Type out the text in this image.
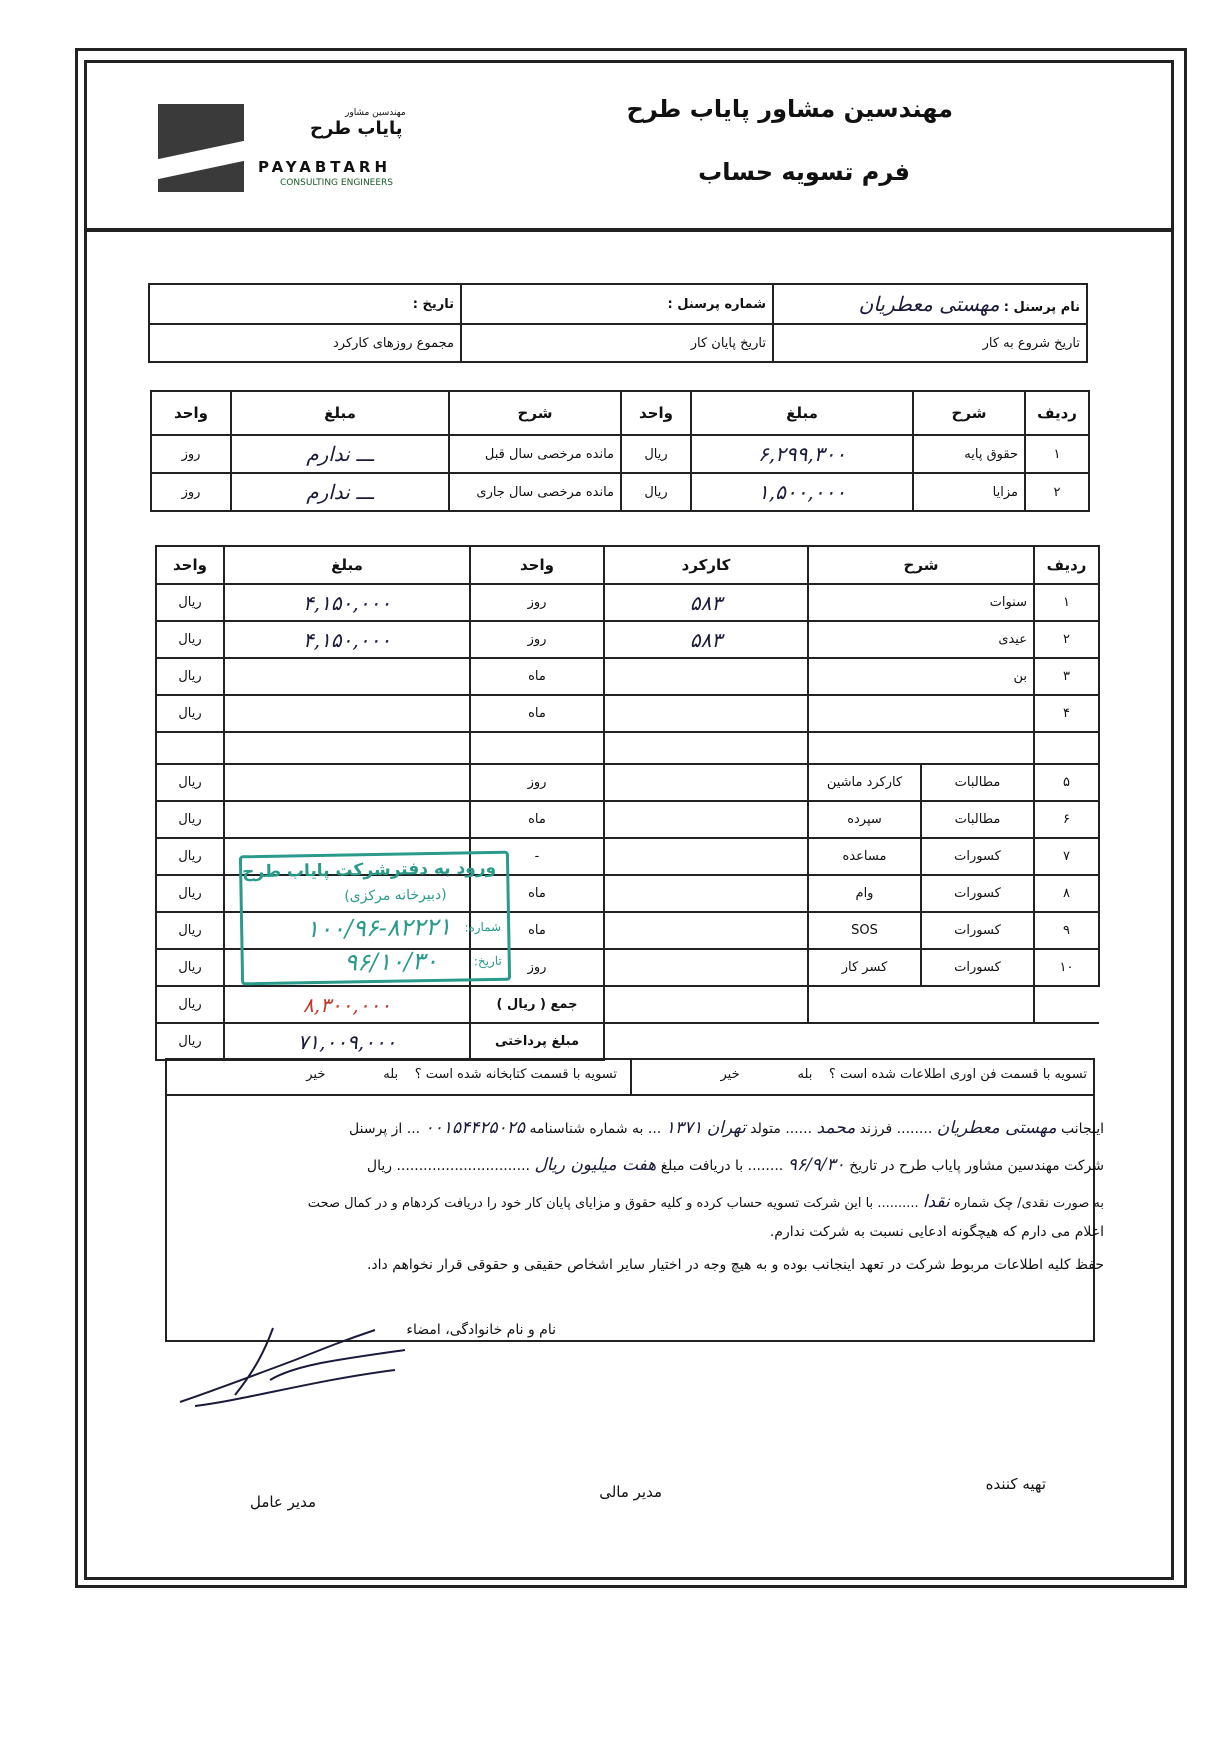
مهندسین مشاور
پایاب طرح
PAYABTARH
CONSULTING ENGINEERS
مهندسین مشاور پایاب طرح
فرم تسویه حساب
تاریخ :	شماره پرسنل :	نام پرسنل : مهستی معطریان
مجموع روزهای کارکرد	تاریخ پایان کار	تاریخ شروع به کار
واحد	مبلغ	شرح	واحد	مبلغ	شرح	ردیف
روز	ـــ ندارم	مانده مرخصی سال قبل	ریال	۶,۲۹۹,۳۰۰	حقوق پایه	۱
روز	ـــ ندارم	مانده مرخصی سال جاری	ریال	۱,۵۰۰,۰۰۰	مزایا	۲
واحد	مبلغ	واحد	کارکرد	شرح		ردیف
ریال	۴,۱۵۰,۰۰۰	روز	۵۸۳	سنوات		۱
ریال	۴,۱۵۰,۰۰۰	روز	۵۸۳	عیدی		۲
ریال		ماه		بن		۳
ریال		ماه				۴

ریال		روز		کارکرد ماشین	مطالبات	۵
ریال		ماه		سپرده	مطالبات	۶
ریال		-		مساعده	کسورات	۷
ریال		ماه		وام	کسورات	۸
ریال		ماه		SOS	کسورات	۹
ریال		روز		کسر کار	کسورات	۱۰
ریال	۸,۳۰۰,۰۰۰	جمع ( ریال )				
ریال	۷۱,۰۰۹,۰۰۰	مبلغ پرداختی				
تسویه با قسمت فن اوری اطلاعات شده است ؟    بله              خیر
تسویه با قسمت کتابخانه شده است ؟    بله              خیر
اینجانب مهستی معطریان ........ فرزند محمد ...... متولد تهران ۱۳۷۱ ... به شماره شناسنامه ۰۰۱۵۴۴۲۵۰۲۵ ... از پرسنل
شرکت مهندسین مشاور پایاب طرح در تاریخ ۹۶/۹/۳۰ ........ با دریافت مبلغ هفت میلیون ریال .............................. ریال
به صورت نقدی/ چک شماره نقدا .......... با این شرکت تسویه حساب کرده و کلیه حقوق و مزایای پایان کار خود را دریافت کردهام و در کمال صحت
اعلام می دارم که هیچگونه ادعایی نسبت به شرکت ندارم.
حفظ کلیه اطلاعات مربوط شرکت در تعهد اینجانب بوده و به هیچ وجه در اختیار سایر اشخاص حقیقی و حقوقی قرار نخواهم داد.
نام و نام خانوادگی، امضاء
ورود به دفترشرکت پایاب طرح
(دبیرخانه مرکزی)
شماره:
۱۰۰/۹۶-۸۲۲۲۱
تاریخ:
۹۶/۱۰/۳۰
تهیه کننده
مدیر مالی
مدیر عامل
